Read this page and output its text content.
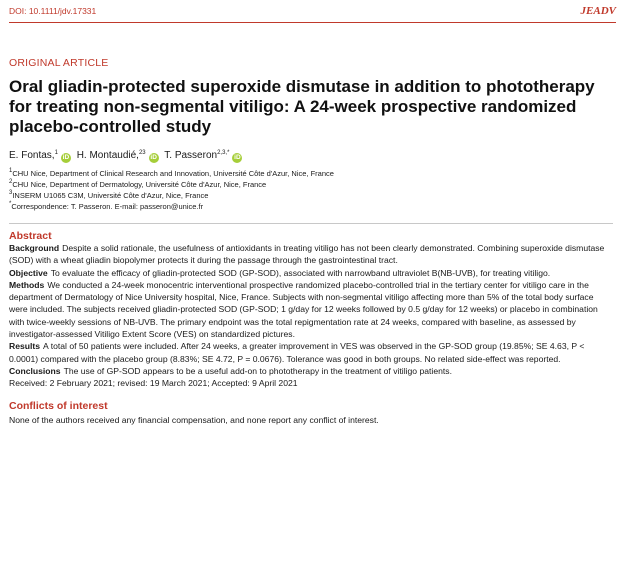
DOI: 10.1111/jdv.17331	JEADV
ORIGINAL ARTICLE
Oral gliadin-protected superoxide dismutase in addition to phototherapy for treating non-segmental vitiligo: A 24-week prospective randomized placebo-controlled study
E. Fontas,$^1$iD H. Montaudié,$^{23}$iD T. Passeron$^{2,3,*}$iD
$^1$CHU Nice, Department of Clinical Research and Innovation, Université Côte d'Azur, Nice, France
$^2$CHU Nice, Department of Dermatology, Université Côte d'Azur, Nice, France
$^3$INSERM U1065 C3M, Université Côte d'Azur, Nice, France
*Correspondence: T. Passeron. E-mail: passeron@unice.fr
Abstract

Background Despite a solid rationale, the usefulness of antioxidants in treating vitiligo has not been clearly demonstrated. Combining superoxide dismutase (SOD) with a wheat gliadin biopolymer protects it during the passage through the gastrointestinal tract.

Objective To evaluate the efficacy of gliadin-protected SOD (GP-SOD), associated with narrowband ultraviolet B(NB-UVB), for treating vitiligo.

Methods We conducted a 24-week monocentric interventional prospective randomized placebo-controlled trial in the tertiary center for vitiligo care in the department of Dermatology of Nice University hospital, Nice, France. Subjects with non-segmental vitiligo affecting more than 5% of the total body surface were included. The subjects received gliadin-protected SOD (GP-SOD; 1 g/day for 12 weeks followed by 0.5 g/day for 12 weeks) or placebo in combination with twice-weekly sessions of NB-UVB. The primary endpoint was the total repigmentation rate at 24 weeks, compared with baseline, as assessed by investigator-assessed Vitiligo Extent Score (VES) on standardized pictures.

Results A total of 50 patients were included. After 24 weeks, a greater improvement in VES was observed in the GP-SOD group (19.85%; SE 4.63, P < 0.0001) compared with the placebo group (8.83%; SE 4.72, P = 0.0676). Tolerance was good in both groups. No related side-effect was reported.

Conclusions The use of GP-SOD appears to be a useful add-on to phototherapy in the treatment of vitiligo patients.

Received: 2 February 2021; revised: 19 March 2021; Accepted: 9 April 2021

Conflicts of interest
None of the authors received any financial compensation, and none report any conflict of interest.
